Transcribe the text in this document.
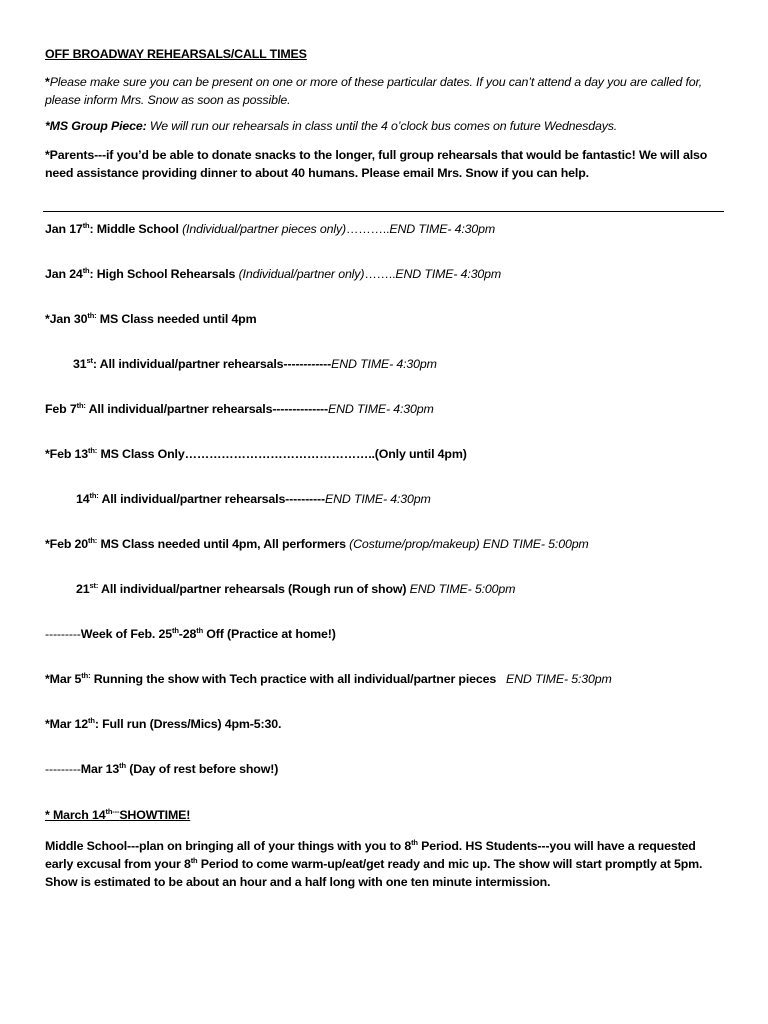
OFF BROADWAY REHEARSALS/CALL TIMES
*Please make sure you can be present on one or more of these particular dates. If you can’t attend a day you are called for, please inform Mrs. Snow as soon as possible.
*MS Group Piece: We will run our rehearsals in class until the 4 o’clock bus comes on future Wednesdays.
*Parents---if you’d be able to donate snacks to the longer, full group rehearsals that would be fantastic! We will also need assistance providing dinner to about 40 humans. Please email Mrs. Snow if you can help.
Jan 17th: Middle School (Individual/partner pieces only)………..END TIME- 4:30pm
Jan 24th: High School Rehearsals (Individual/partner only)……..END TIME- 4:30pm
*Jan $30^{th:}$ MS Class needed until 4pm
31st: All individual/partner rehearsals------------END TIME- 4:30pm
Feb $7^{th:}$ All individual/partner rehearsals--------------END TIME- 4:30pm
*Feb $13^{th:}$ MS Class Only………………………………………..(Only until 4pm)
$14^{th:}$ All individual/partner rehearsals----------END TIME- 4:30pm
*Feb $20^{th:}$ MS Class needed until 4pm, All performers (Costume/prop/makeup) END TIME- 5:00pm
$21^{st:}$ All individual/partner rehearsals (Rough run of show) END TIME- 5:00pm
---------Week of Feb. 25th-28th Off (Practice at home!)
*Mar $5^{th:}$ Running the show with Tech practice with all individual/partner pieces   END TIME- 5:30pm
*Mar 12th: Full run (Dress/Mics) 4pm-5:30.
---------Mar 13th (Day of rest before show!)
* March $14^{th---}SHOWTIME$!
Middle School---plan on bringing all of your things with you to 8th Period. HS Students---you will have a requested early excusal from your 8th Period to come warm-up/eat/get ready and mic up. The show will start promptly at 5pm. Show is estimated to be about an hour and a half long with one ten minute intermission.
